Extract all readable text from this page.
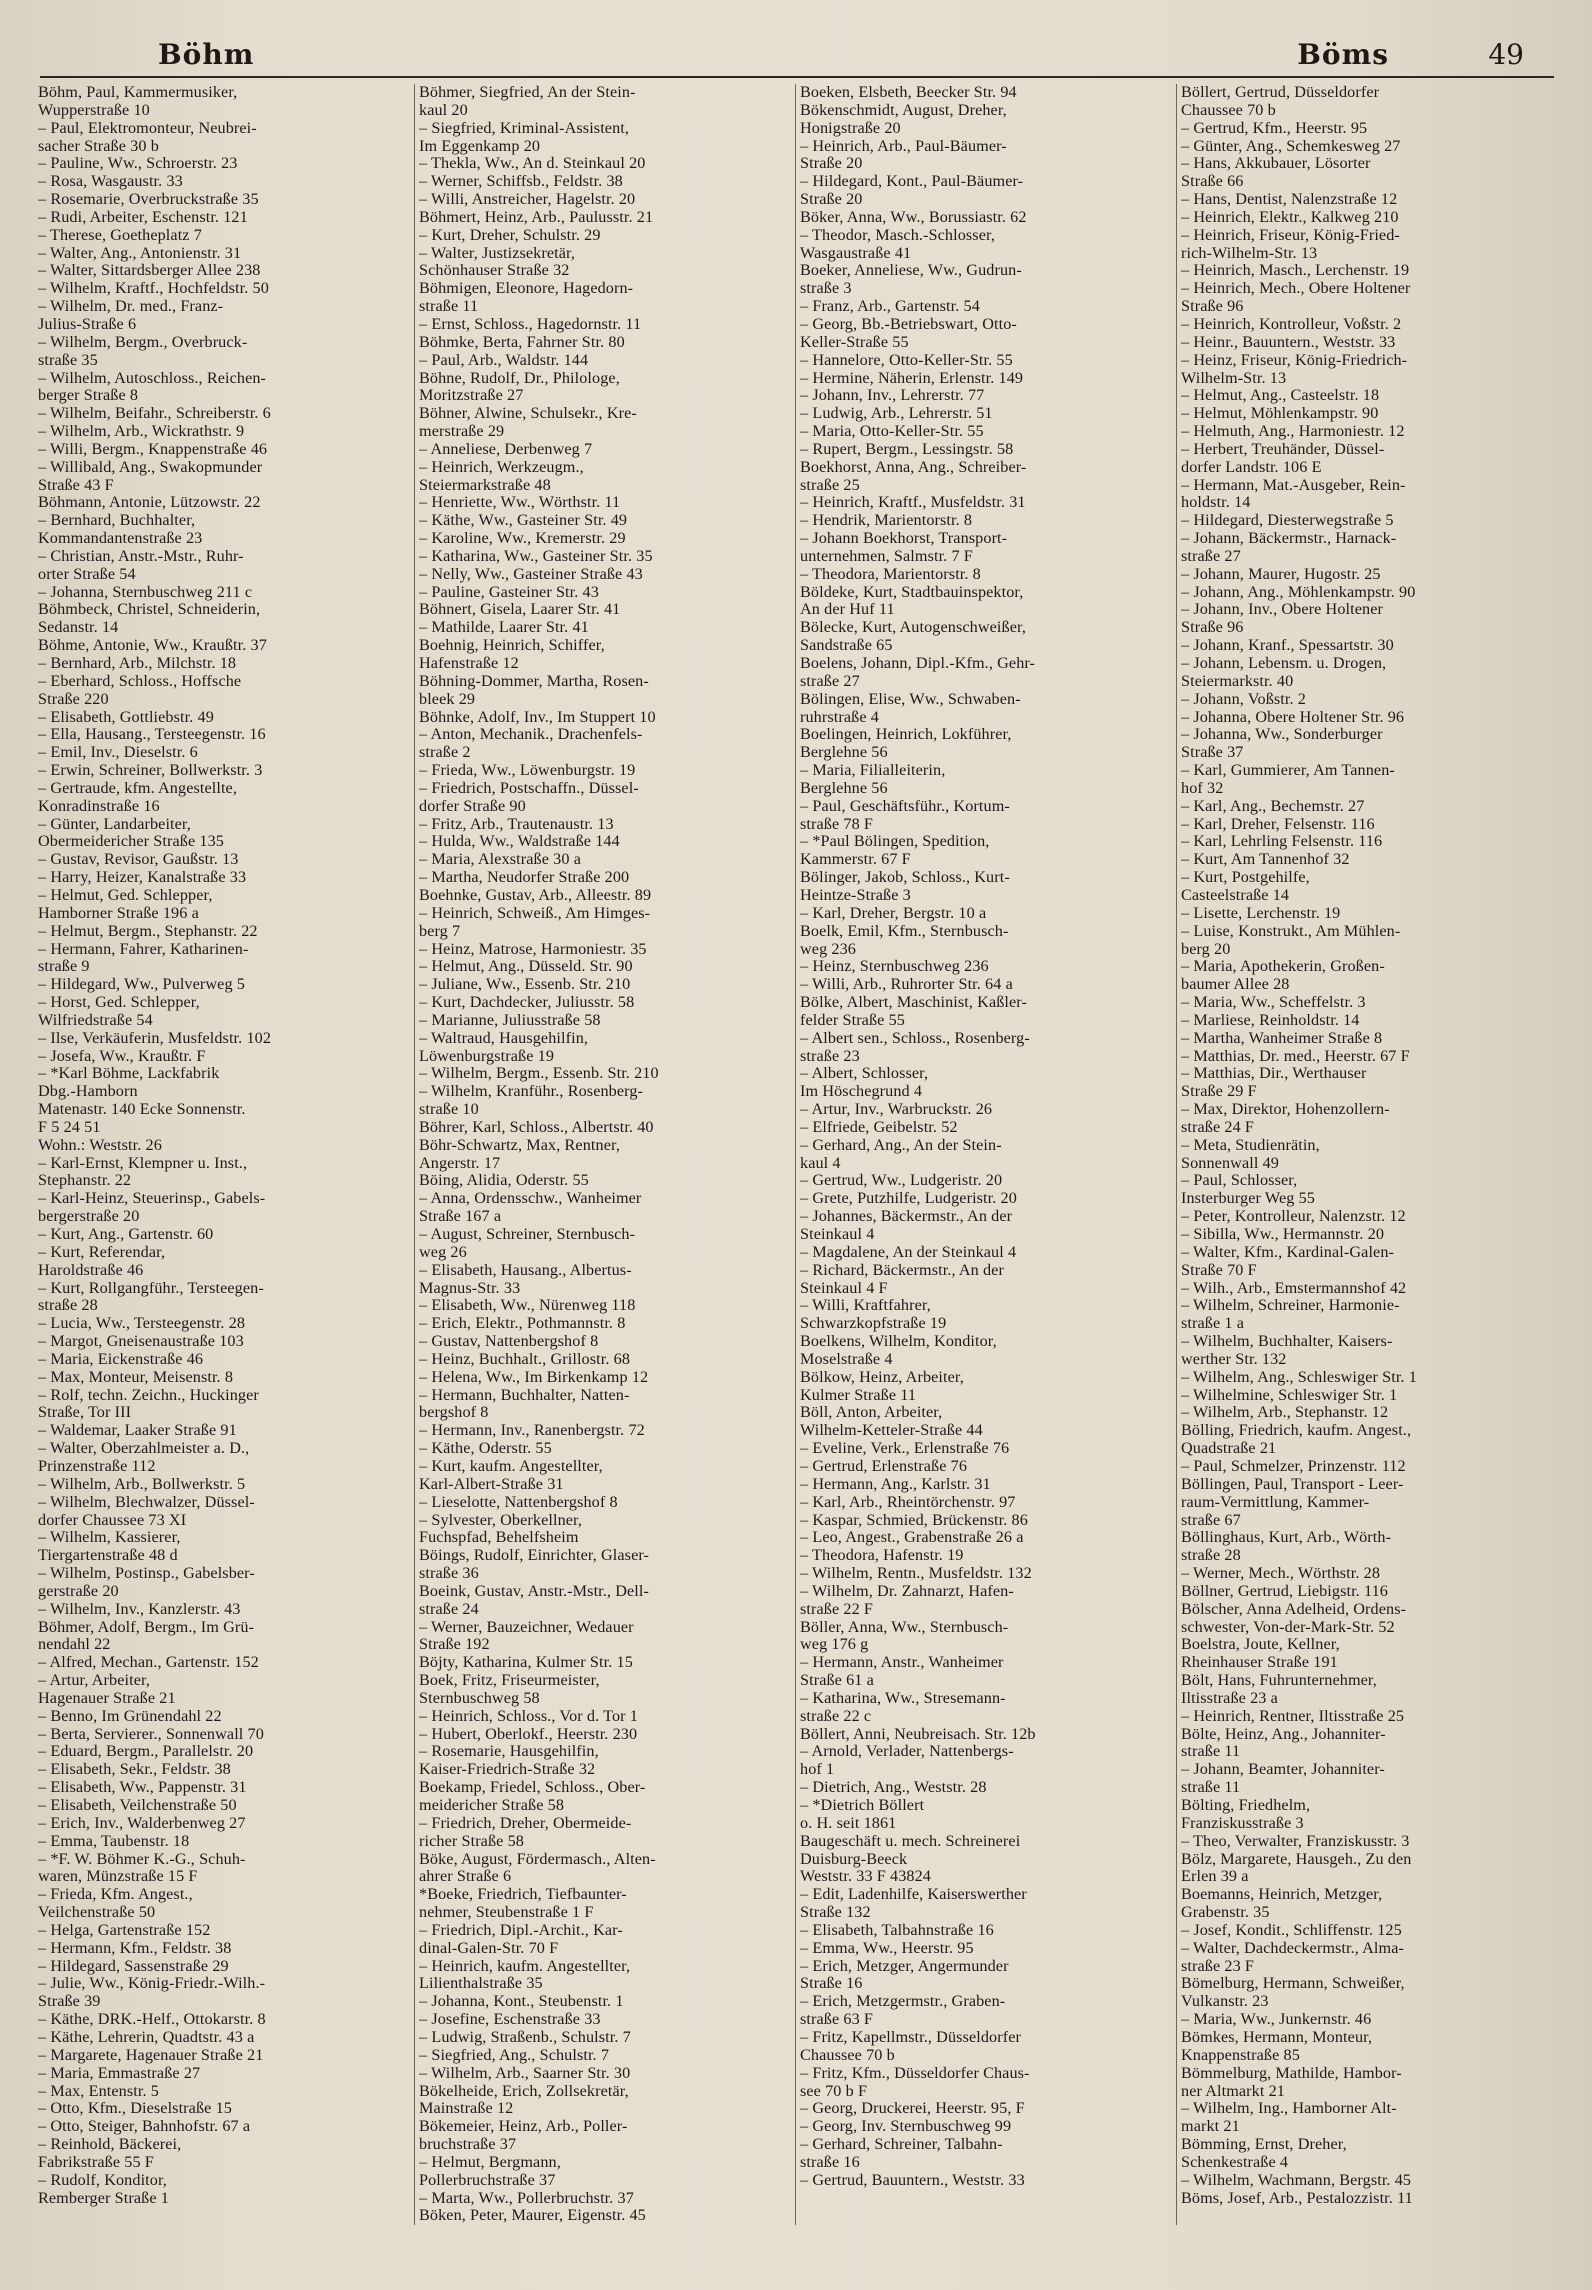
Böhm	Böms	49
Böhm, Paul, Kammermusiker,
Wupperstraße 10
– Paul, Elektromonteur, Neubrei-
sacher Straße 30 b
– Pauline, Ww., Schroerstr. 23
– Rosa, Wasgaustr. 33
– Rosemarie, Overbruckstraße 35
– Rudi, Arbeiter, Eschenstr. 121
– Therese, Goetheplatz 7
– Walter, Ang., Antonienstr. 31
– Walter, Sittardsberger Allee 238
– Wilhelm, Kraftf., Hochfeldstr. 50
– Wilhelm, Dr. med., Franz-
Julius-Straße 6
– Wilhelm, Bergm., Overbruck-
straße 35
– Wilhelm, Autoschloss., Reichen-
berger Straße 8
– Wilhelm, Beifahr., Schreiberstr. 6
– Wilhelm, Arb., Wickrathstr. 9
– Willi, Bergm., Knappenstraße 46
– Willibald, Ang., Swakopmunder
Straße 43 F
Böhmann, Antonie, Lützowstr. 22
– Bernhard, Buchhalter,
Kommandantenstraße 23
– Christian, Anstr.-Mstr., Ruhr-
orter Straße 54
– Johanna, Sternbuschweg 211 c
Böhmbeck, Christel, Schneiderin,
Sedanstr. 14
Böhme, Antonie, Ww., Kraußtr. 37
– Bernhard, Arb., Milchstr. 18
– Eberhard, Schloss., Hoffsche
Straße 220
– Elisabeth, Gottliebstr. 49
– Ella, Hausang., Tersteegenstr. 16
– Emil, Inv., Dieselstr. 6
– Erwin, Schreiner, Bollwerkstr. 3
– Gertraude, kfm. Angestellte,
Konradinstraße 16
– Günter, Landarbeiter,
Obermeidericher Straße 135
– Gustav, Revisor, Gaußstr. 13
– Harry, Heizer, Kanalstraße 33
– Helmut, Ged. Schlepper,
Hamborner Straße 196 a
– Helmut, Bergm., Stephanstr. 22
– Hermann, Fahrer, Katharinen-
straße 9
– Hildegard, Ww., Pulverweg 5
– Horst, Ged. Schlepper,
Wilfriedstraße 54
– Ilse, Verkäuferin, Musfeldstr. 102
– Josefa, Ww., Kraußtr. F
– *Karl Böhme, Lackfabrik
Dbg.-Hamborn
Matenastr. 140 Ecke Sonnenstr.
F 5 24 51
Wohn.: Weststr. 26
– Karl-Ernst, Klempner u. Inst.,
Stephanstr. 22
– Karl-Heinz, Steuerinsp., Gabels-
bergerstraße 20
– Kurt, Ang., Gartenstr. 60
– Kurt, Referendar,
Haroldstraße 46
– Kurt, Rollgangführ., Tersteegen-
straße 28
– Lucia, Ww., Tersteegenstr. 28
– Margot, Gneisenaustraße 103
– Maria, Eickenstraße 46
– Max, Monteur, Meisenstr. 8
– Rolf, techn. Zeichn., Huckinger
Straße, Tor III
– Waldemar, Laaker Straße 91
– Walter, Oberzahlmeister a. D.,
Prinzenstraße 112
– Wilhelm, Arb., Bollwerkstr. 5
– Wilhelm, Blechwalzer, Düssel-
dorfer Chaussee 73 XI
– Wilhelm, Kassierer,
Tiergartenstraße 48 d
– Wilhelm, Postinsp., Gabelsber-
gerstraße 20
– Wilhelm, Inv., Kanzlerstr. 43
Böhmer, Adolf, Bergm., Im Grü-
nendahl 22
– Alfred, Mechan., Gartenstr. 152
– Artur, Arbeiter,
Hagenauer Straße 21
– Benno, Im Grünendahl 22
– Berta, Servierer., Sonnenwall 70
– Eduard, Bergm., Parallelstr. 20
– Elisabeth, Sekr., Feldstr. 38
– Elisabeth, Ww., Pappenstr. 31
– Elisabeth, Veilchenstraße 50
– Erich, Inv., Walderbenweg 27
– Emma, Taubenstr. 18
– *F. W. Böhmer K.-G., Schuh-
waren, Münzstraße 15 F
– Frieda, Kfm. Angest.,
Veilchenstraße 50
– Helga, Gartenstraße 152
– Hermann, Kfm., Feldstr. 38
– Hildegard, Sassenstraße 29
– Julie, Ww., König-Friedr.-Wilh.-
Straße 39
– Käthe, DRK.-Helf., Ottokarstr. 8
– Käthe, Lehrerin, Quadtstr. 43 a
– Margarete, Hagenauer Straße 21
– Maria, Emmastraße 27
– Max, Entenstr. 5
– Otto, Kfm., Dieselstraße 15
– Otto, Steiger, Bahnhofstr. 67 a
– Reinhold, Bäckerei,
Fabrikstraße 55 F
– Rudolf, Konditor,
Remberger Straße 1
Böhmer, Siegfried, An der Stein-
kaul 20
– Siegfried, Kriminal-Assistent,
Im Eggenkamp 20
– Thekla, Ww., An d. Steinkaul 20
– Werner, Schiffsb., Feldstr. 38
– Willi, Anstreicher, Hagelstr. 20
Böhmert, Heinz, Arb., Paulusstr. 21
– Kurt, Dreher, Schulstr. 29
– Walter, Justizsekretär,
Schönhauser Straße 32
Böhmigen, Eleonore, Hagedorn-
straße 11
– Ernst, Schloss., Hagedornstr. 11
Böhmke, Berta, Fahrner Str. 80
– Paul, Arb., Waldstr. 144
Böhne, Rudolf, Dr., Philologe,
Moritzstraße 27
Böhner, Alwine, Schulsekr., Kre-
merstraße 29
– Anneliese, Derbenweg 7
– Heinrich, Werkzeugm.,
Steiermarkstraße 48
– Henriette, Ww., Wörthstr. 11
– Käthe, Ww., Gasteiner Str. 49
– Karoline, Ww., Kremerstr. 29
– Katharina, Ww., Gasteiner Str. 35
– Nelly, Ww., Gasteiner Straße 43
– Pauline, Gasteiner Str. 43
Böhnert, Gisela, Laarer Str. 41
– Mathilde, Laarer Str. 41
Boehnig, Heinrich, Schiffer,
Hafenstraße 12
Böhning-Dommer, Martha, Rosen-
bleek 29
Böhnke, Adolf, Inv., Im Stuppert 10
– Anton, Mechanik., Drachenfels-
straße 2
– Frieda, Ww., Löwenburgstr. 19
– Friedrich, Postschaffn., Düssel-
dorfer Straße 90
– Fritz, Arb., Trautenaustr. 13
– Hulda, Ww., Waldstraße 144
– Maria, Alexstraße 30 a
– Martha, Neudorfer Straße 200
Boehnke, Gustav, Arb., Alleestr. 89
– Heinrich, Schweiß., Am Himges-
berg 7
– Heinz, Matrose, Harmoniestr. 35
– Helmut, Ang., Düsseld. Str. 90
– Juliane, Ww., Essenb. Str. 210
– Kurt, Dachdecker, Juliusstr. 58
– Marianne, Juliusstraße 58
– Waltraud, Hausgehilfin,
Löwenburgstraße 19
– Wilhelm, Bergm., Essenb. Str. 210
– Wilhelm, Kranführ., Rosenberg-
straße 10
Böhrer, Karl, Schloss., Albertstr. 40
Böhr-Schwartz, Max, Rentner,
Angerstr. 17
Böing, Alidia, Oderstr. 55
– Anna, Ordensschw., Wanheimer
Straße 167 a
– August, Schreiner, Sternbusch-
weg 26
– Elisabeth, Hausang., Albertus-
Magnus-Str. 33
– Elisabeth, Ww., Nürenweg 118
– Erich, Elektr., Pothmannstr. 8
– Gustav, Nattenbergshof 8
– Heinz, Buchhalt., Grillostr. 68
– Helena, Ww., Im Birkenkamp 12
– Hermann, Buchhalter, Natten-
bergshof 8
– Hermann, Inv., Ranenbergstr. 72
– Käthe, Oderstr. 55
– Kurt, kaufm. Angestellter,
Karl-Albert-Straße 31
– Lieselotte, Nattenbergshof 8
– Sylvester, Oberkellner,
Fuchspfad, Behelfsheim
Böings, Rudolf, Einrichter, Glaser-
straße 36
Boeink, Gustav, Anstr.-Mstr., Dell-
straße 24
– Werner, Bauzeichner, Wedauer
Straße 192
Böjty, Katharina, Kulmer Str. 15
Boek, Fritz, Friseurmeister,
Sternbuschweg 58
– Heinrich, Schloss., Vor d. Tor 1
– Hubert, Oberlokf., Heerstr. 230
– Rosemarie, Hausgehilfin,
Kaiser-Friedrich-Straße 32
Boekamp, Friedel, Schloss., Ober-
meidericher Straße 58
– Friedrich, Dreher, Obermeide-
richer Straße 58
Böke, August, Fördermasch., Alten-
ahrer Straße 6
*Boeke, Friedrich, Tiefbaunter-
nehmer, Steubenstraße 1 F
– Friedrich, Dipl.-Archit., Kar-
dinal-Galen-Str. 70 F
– Heinrich, kaufm. Angestellter,
Lilienthalstraße 35
– Johanna, Kont., Steubenstr. 1
– Josefine, Eschenstraße 33
– Ludwig, Straßenb., Schulstr. 7
– Siegfried, Ang., Schulstr. 7
– Wilhelm, Arb., Saarner Str. 30
Bökelheide, Erich, Zollsekretär,
Mainstraße 12
Bökemeier, Heinz, Arb., Poller-
bruchstraße 37
– Helmut, Bergmann,
Pollerbruchstraße 37
– Marta, Ww., Pollerbruchstr. 37
Böken, Peter, Maurer, Eigenstr. 45
Boeken, Elsbeth, Beecker Str. 94
Bökenschmidt, August, Dreher,
Honigstraße 20
– Heinrich, Arb., Paul-Bäumer-
Straße 20
– Hildegard, Kont., Paul-Bäumer-
Straße 20
Böker, Anna, Ww., Borussiastr. 62
– Theodor, Masch.-Schlosser,
Wasgaustraße 41
Boeker, Anneliese, Ww., Gudrun-
straße 3
– Franz, Arb., Gartenstr. 54
– Georg, Bb.-Betriebswart, Otto-
Keller-Straße 55
– Hannelore, Otto-Keller-Str. 55
– Hermine, Näherin, Erlenstr. 149
– Johann, Inv., Lehrerstr. 77
– Ludwig, Arb., Lehrerstr. 51
– Maria, Otto-Keller-Str. 55
– Rupert, Bergm., Lessingstr. 58
Boekhorst, Anna, Ang., Schreiber-
straße 25
– Heinrich, Kraftf., Musfeldstr. 31
– Hendrik, Marientorstr. 8
– Johann Boekhorst, Transport-
unternehmen, Salmstr. 7 F
– Theodora, Marientorstr. 8
Böldeke, Kurt, Stadtbauinspektor,
An der Huf 11
Bölecke, Kurt, Autogenschweißer,
Sandstraße 65
Boelens, Johann, Dipl.-Kfm., Gehr-
straße 27
Bölingen, Elise, Ww., Schwaben-
ruhrstraße 4
Boelingen, Heinrich, Lokführer,
Berglehne 56
– Maria, Filialleiterin,
Berglehne 56
– Paul, Geschäftsführ., Kortum-
straße 78 F
– *Paul Bölingen, Spedition,
Kammerstr. 67 F
Bölinger, Jakob, Schloss., Kurt-
Heintze-Straße 3
– Karl, Dreher, Bergstr. 10 a
Boelk, Emil, Kfm., Sternbusch-
weg 236
– Heinz, Sternbuschweg 236
– Willi, Arb., Ruhrorter Str. 64 a
Bölke, Albert, Maschinist, Kaßler-
felder Straße 55
– Albert sen., Schloss., Rosenberg-
straße 23
– Albert, Schlosser,
Im Höschegrund 4
– Artur, Inv., Warbruckstr. 26
– Elfriede, Geibelstr. 52
– Gerhard, Ang., An der Stein-
kaul 4
– Gertrud, Ww., Ludgeristr. 20
– Grete, Putzhilfe, Ludgeristr. 20
– Johannes, Bäckermstr., An der
Steinkaul 4
– Magdalene, An der Steinkaul 4
– Richard, Bäckermstr., An der
Steinkaul 4 F
– Willi, Kraftfahrer,
Schwarzkopfstraße 19
Boelkens, Wilhelm, Konditor,
Moselstraße 4
Bölkow, Heinz, Arbeiter,
Kulmer Straße 11
Böll, Anton, Arbeiter,
Wilhelm-Ketteler-Straße 44
– Eveline, Verk., Erlenstraße 76
– Gertrud, Erlenstraße 76
– Hermann, Ang., Karlstr. 31
– Karl, Arb., Rheintörchenstr. 97
– Kaspar, Schmied, Brückenstr. 86
– Leo, Angest., Grabenstraße 26 a
– Theodora, Hafenstr. 19
– Wilhelm, Rentn., Musfeldstr. 132
– Wilhelm, Dr. Zahnarzt, Hafen-
straße 22 F
Böller, Anna, Ww., Sternbusch-
weg 176 g
– Hermann, Anstr., Wanheimer
Straße 61 a
– Katharina, Ww., Stresemann-
straße 22 c
Böllert, Anni, Neubreisach. Str. 12b
– Arnold, Verlader, Nattenbergs-
hof 1
– Dietrich, Ang., Weststr. 28
– *Dietrich Böllert
o. H. seit 1861
Baugeschäft u. mech. Schreinerei
Duisburg-Beeck
Weststr. 33 F 43824
– Edit, Ladenhilfe, Kaiserswerther
Straße 132
– Elisabeth, Talbahnstraße 16
– Emma, Ww., Heerstr. 95
– Erich, Metzger, Angermunder
Straße 16
– Erich, Metzgermstr., Graben-
straße 63 F
– Fritz, Kapellmstr., Düsseldorfer
Chaussee 70 b
– Fritz, Kfm., Düsseldorfer Chaus-
see 70 b F
– Georg, Druckerei, Heerstr. 95, F
– Georg, Inv. Sternbuschweg 99
– Gerhard, Schreiner, Talbahn-
straße 16
– Gertrud, Bauuntern., Weststr. 33
Böllert, Gertrud, Düsseldorfer
Chaussee 70 b
– Gertrud, Kfm., Heerstr. 95
– Günter, Ang., Schemkesweg 27
– Hans, Akkubauer, Lösorter
Straße 66
– Hans, Dentist, Nalenzstraße 12
– Heinrich, Elektr., Kalkweg 210
– Heinrich, Friseur, König-Fried-
rich-Wilhelm-Str. 13
– Heinrich, Masch., Lerchenstr. 19
– Heinrich, Mech., Obere Holtener
Straße 96
– Heinrich, Kontrolleur, Voßstr. 2
– Heinr., Bauuntern., Weststr. 33
– Heinz, Friseur, König-Friedrich-
Wilhelm-Str. 13
– Helmut, Ang., Casteelstr. 18
– Helmut, Möhlenkampstr. 90
– Helmuth, Ang., Harmoniestr. 12
– Herbert, Treuhänder, Düssel-
dorfer Landstr. 106 E
– Hermann, Mat.-Ausgeber, Rein-
holdstr. 14
– Hildegard, Diesterwegstraße 5
– Johann, Bäckermstr., Harnack-
straße 27
– Johann, Maurer, Hugostr. 25
– Johann, Ang., Möhlenkampstr. 90
– Johann, Inv., Obere Holtener
Straße 96
– Johann, Kranf., Spessartstr. 30
– Johann, Lebensm. u. Drogen,
Steiermarkstr. 40
– Johann, Voßstr. 2
– Johanna, Obere Holtener Str. 96
– Johanna, Ww., Sonderburger
Straße 37
– Karl, Gummierer, Am Tannen-
hof 32
– Karl, Ang., Bechemstr. 27
– Karl, Dreher, Felsenstr. 116
– Karl, Lehrling Felsenstr. 116
– Kurt, Am Tannenhof 32
– Kurt, Postgehilfe,
Casteelstraße 14
– Lisette, Lerchenstr. 19
– Luise, Konstrukt., Am Mühlen-
berg 20
– Maria, Apothekerin, Großen-
baumer Allee 28
– Maria, Ww., Scheffelstr. 3
– Marliese, Reinholdstr. 14
– Martha, Wanheimer Straße 8
– Matthias, Dr. med., Heerstr. 67 F
– Matthias, Dir., Werthauser
Straße 29 F
– Max, Direktor, Hohenzollern-
straße 24 F
– Meta, Studienrätin,
Sonnenwall 49
– Paul, Schlosser,
Insterburger Weg 55
– Peter, Kontrolleur, Nalenzstr. 12
– Sibilla, Ww., Hermannstr. 20
– Walter, Kfm., Kardinal-Galen-
Straße 70 F
– Wilh., Arb., Emstermannshof 42
– Wilhelm, Schreiner, Harmonie-
straße 1 a
– Wilhelm, Buchhalter, Kaisers-
werther Str. 132
– Wilhelm, Ang., Schleswiger Str. 1
– Wilhelmine, Schleswiger Str. 1
– Wilhelm, Arb., Stephanstr. 12
Bölling, Friedrich, kaufm. Angest.,
Quadstraße 21
– Paul, Schmelzer, Prinzenstr. 112
Böllingen, Paul, Transport - Leer-
raum-Vermittlung, Kammer-
straße 67
Böllinghaus, Kurt, Arb., Wörth-
straße 28
– Werner, Mech., Wörthstr. 28
Böllner, Gertrud, Liebigstr. 116
Bölscher, Anna Adelheid, Ordens-
schwester, Von-der-Mark-Str. 52
Boelstra, Joute, Kellner,
Rheinhauser Straße 191
Bölt, Hans, Fuhrunternehmer,
Iltisstraße 23 a
– Heinrich, Rentner, Iltisstraße 25
Bölte, Heinz, Ang., Johanniter-
straße 11
– Johann, Beamter, Johanniter-
straße 11
Bölting, Friedhelm,
Franziskusstraße 3
– Theo, Verwalter, Franziskusstr. 3
Bölz, Margarete, Hausgeh., Zu den
Erlen 39 a
Boemanns, Heinrich, Metzger,
Grabenstr. 35
– Josef, Kondit., Schliffenstr. 125
– Walter, Dachdeckermstr., Alma-
straße 23 F
Bömelburg, Hermann, Schweißer,
Vulkanstr. 23
– Maria, Ww., Junkernstr. 46
Bömkes, Hermann, Monteur,
Knappenstraße 85
Bömmelburg, Mathilde, Hambor-
ner Altmarkt 21
– Wilhelm, Ing., Hamborner Alt-
markt 21
Bömming, Ernst, Dreher,
Schenkestraße 4
– Wilhelm, Wachmann, Bergstr. 45
Böms, Josef, Arb., Pestalozzistr. 11
